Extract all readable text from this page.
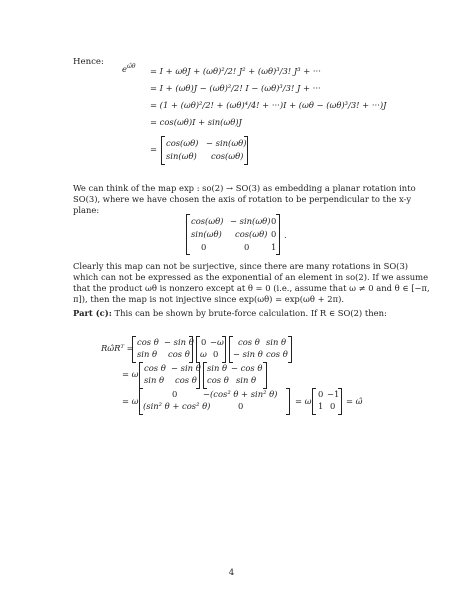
Hence:
$e^{\omegâ\theta} = I + \omega\theta J + (\omega\theta)^2/2$! J² + (ωθ)³/3! J³ + ···
= I + (ωθ)J − (ωθ)²/2! I − (ωθ)³/3! J + ···
= (1 + (ωθ)²/2! + (ωθ)⁴/4! + ···)I + (ωθ − (ωθ)³/3! + ···)J
= cos(ωθ)I + sin(ωθ)J
=
cos(ωθ) − sin(ωθ)
sin(ωθ) cos(ωθ)
We can think of the map exp : so(2) → SO(3) as embedding a planar rotation into SO(3), where we have chosen the axis of rotation to be perpendicular to the x-y plane:
cos(ωθ) − sin(ωθ) 0
sin(ωθ) cos(ωθ) 0
0	0	1
.
Clearly this map can not be surjective, since there are many rotations in SO(3) which can not be expressed as the exponential of an element in so(2). If we assume that the product ωθ is nonzero except at θ = 0 (i.e., assume that ω ≠ 0 and θ ∈ [−π, π]), then the map is not injective since exp(ωθ) = exp(ωθ + 2π).
Part (c): This can be shown by brute-force calculation. If R ∈ SO(2) then:
Rω̂Rᵀ =
cos θ − sin θ
sin θ cos θ
0 −ω
ω 0
cos θ sin θ
− sin θ cos θ
= ω
cos θ − sin θ
sin θ cos θ
sin θ − cos θ
cos θ sin θ
= ω
0	−(cos² θ + sin² θ)
(sin² θ + cos² θ)	0	= ω
0 −1
1 0 = ω̂
4
